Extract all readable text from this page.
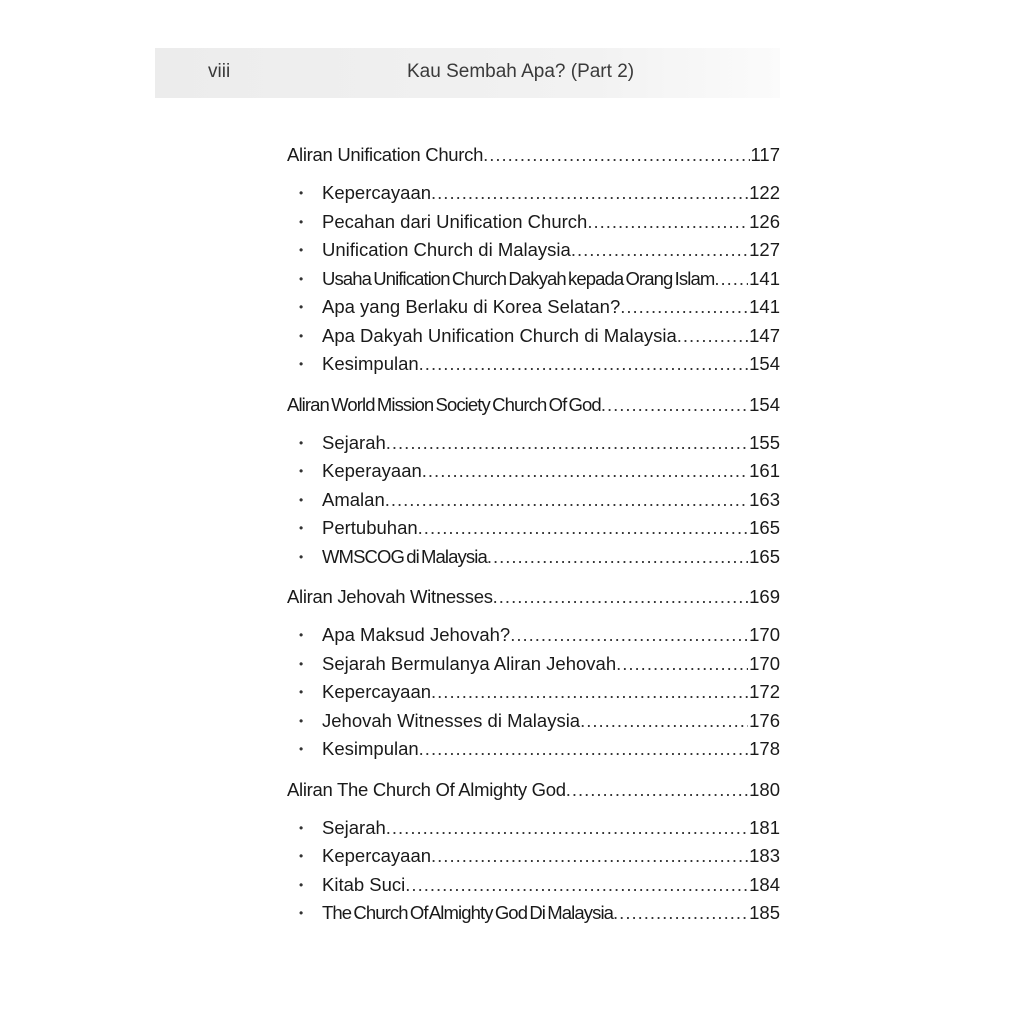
viii	Kau Sembah Apa? (Part 2)
Aliran Unification Church .....	117
• Kepercayaan .....	122
• Pecahan dari Unification Church .....	126
• Unification Church di Malaysia .....	127
• Usaha Unification Church Dakyah kepada Orang Islam ..... 141
• Apa yang Berlaku di Korea Selatan? .....	141
• Apa Dakyah Unification Church di Malaysia .....	147
• Kesimpulan .....	154
Aliran World Mission Society Church Of God .....	154
• Sejarah .....	155
• Keperayaan .....	161
• Amalan .....	163
• Pertubuhan .....	165
• WMSCOG di Malaysia .....	165
Aliran Jehovah Witnesses .....	169
• Apa Maksud Jehovah? .....	170
• Sejarah Bermulanya Aliran Jehovah .....	170
• Kepercayaan .....	172
• Jehovah Witnesses di Malaysia .....	176
• Kesimpulan .....	178
Aliran The Church Of Almighty God .....	180
• Sejarah .....	181
• Kepercayaan .....	183
• Kitab Suci .....	184
• The Church Of Almighty God Di Malaysia .....	185
